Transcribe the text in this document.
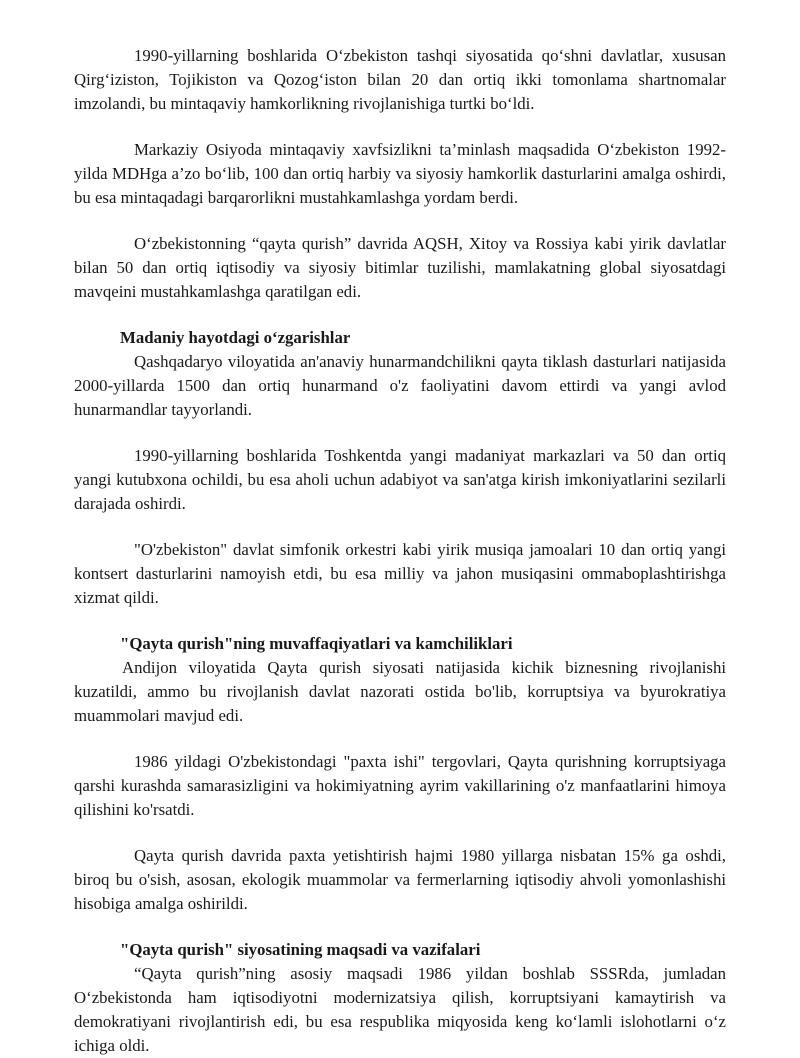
1990-yillarning boshlarida O‘zbekiston tashqi siyosatida qo‘shni davlatlar, xususan Qirg‘iziston, Tojikiston va Qozog‘iston bilan 20 dan ortiq ikki tomonlama shartnomalar imzolandi, bu mintaqaviy hamkorlikning rivojlanishiga turtki bo‘ldi.

Markaziy Osiyoda mintaqaviy xavfsizlikni ta’minlash maqsadida O‘zbekiston 1992-yilda MDHga a’zo bo‘lib, 100 dan ortiq harbiy va siyosiy hamkorlik dasturlarini amalga oshirdi, bu esa mintaqadagi barqarorlikni mustahkamlashga yordam berdi.

O‘zbekistonning “qayta qurish” davrida AQSH, Xitoy va Rossiya kabi yirik davlatlar bilan 50 dan ortiq iqtisodiy va siyosiy bitimlar tuzilishi, mamlakatning global siyosatdagi mavqeini mustahkamlashga qaratilgan edi.

Madaniy hayotdagi o‘zgarishlar

Qashqadaryo viloyatida an'anaviy hunarmandchilikni qayta tiklash dasturlari natijasida 2000-yillarda 1500 dan ortiq hunarmand o'z faoliyatini davom ettirdi va yangi avlod hunarmandlar tayyorlandi.

1990-yillarning boshlarida Toshkentda yangi madaniyat markazlari va 50 dan ortiq yangi kutubxona ochildi, bu esa aholi uchun adabiyot va san'atga kirish imkoniyatlarini sezilarli darajada oshirdi.

"O'zbekiston" davlat simfonik orkestri kabi yirik musiqa jamoalari 10 dan ortiq yangi kontsert dasturlarini namoyish etdi, bu esa milliy va jahon musiqasini ommaboplashtirishga xizmat qildi.

"Qayta qurish"ning muvaffaqiyatlari va kamchiliklari

Andijon viloyatida Qayta qurish siyosati natijasida kichik biznesning rivojlanishi kuzatildi, ammo bu rivojlanish davlat nazorati ostida bo'lib, korruptsiya va byurokratiya muammolari mavjud edi.

1986 yildagi O'zbekistondagi "paxta ishi" tergovlari, Qayta qurishning korruptsiyaga qarshi kurashda samarasizligini va hokimiyatning ayrim vakillarining o'z manfaatlarini himoya qilishini ko'rsatdi.

Qayta qurish davrida paxta yetishtirish hajmi 1980 yillarga nisbatan 15% ga oshdi, biroq bu o'sish, asosan, ekologik muammolar va fermerlarning iqtisodiy ahvoli yomonlashishi hisobiga amalga oshirildi.

"Qayta qurish" siyosatining maqsadi va vazifalari

“Qayta qurish”ning asosiy maqsadi 1986 yildan boshlab SSSRda, jumladan O‘zbekistonda ham iqtisodiyotni modernizatsiya qilish, korruptsiyani kamaytirish va demokratiyani rivojlantirish edi, bu esa respublika miqyosida keng ko‘lamli islohotlarni o‘z ichiga oldi.
